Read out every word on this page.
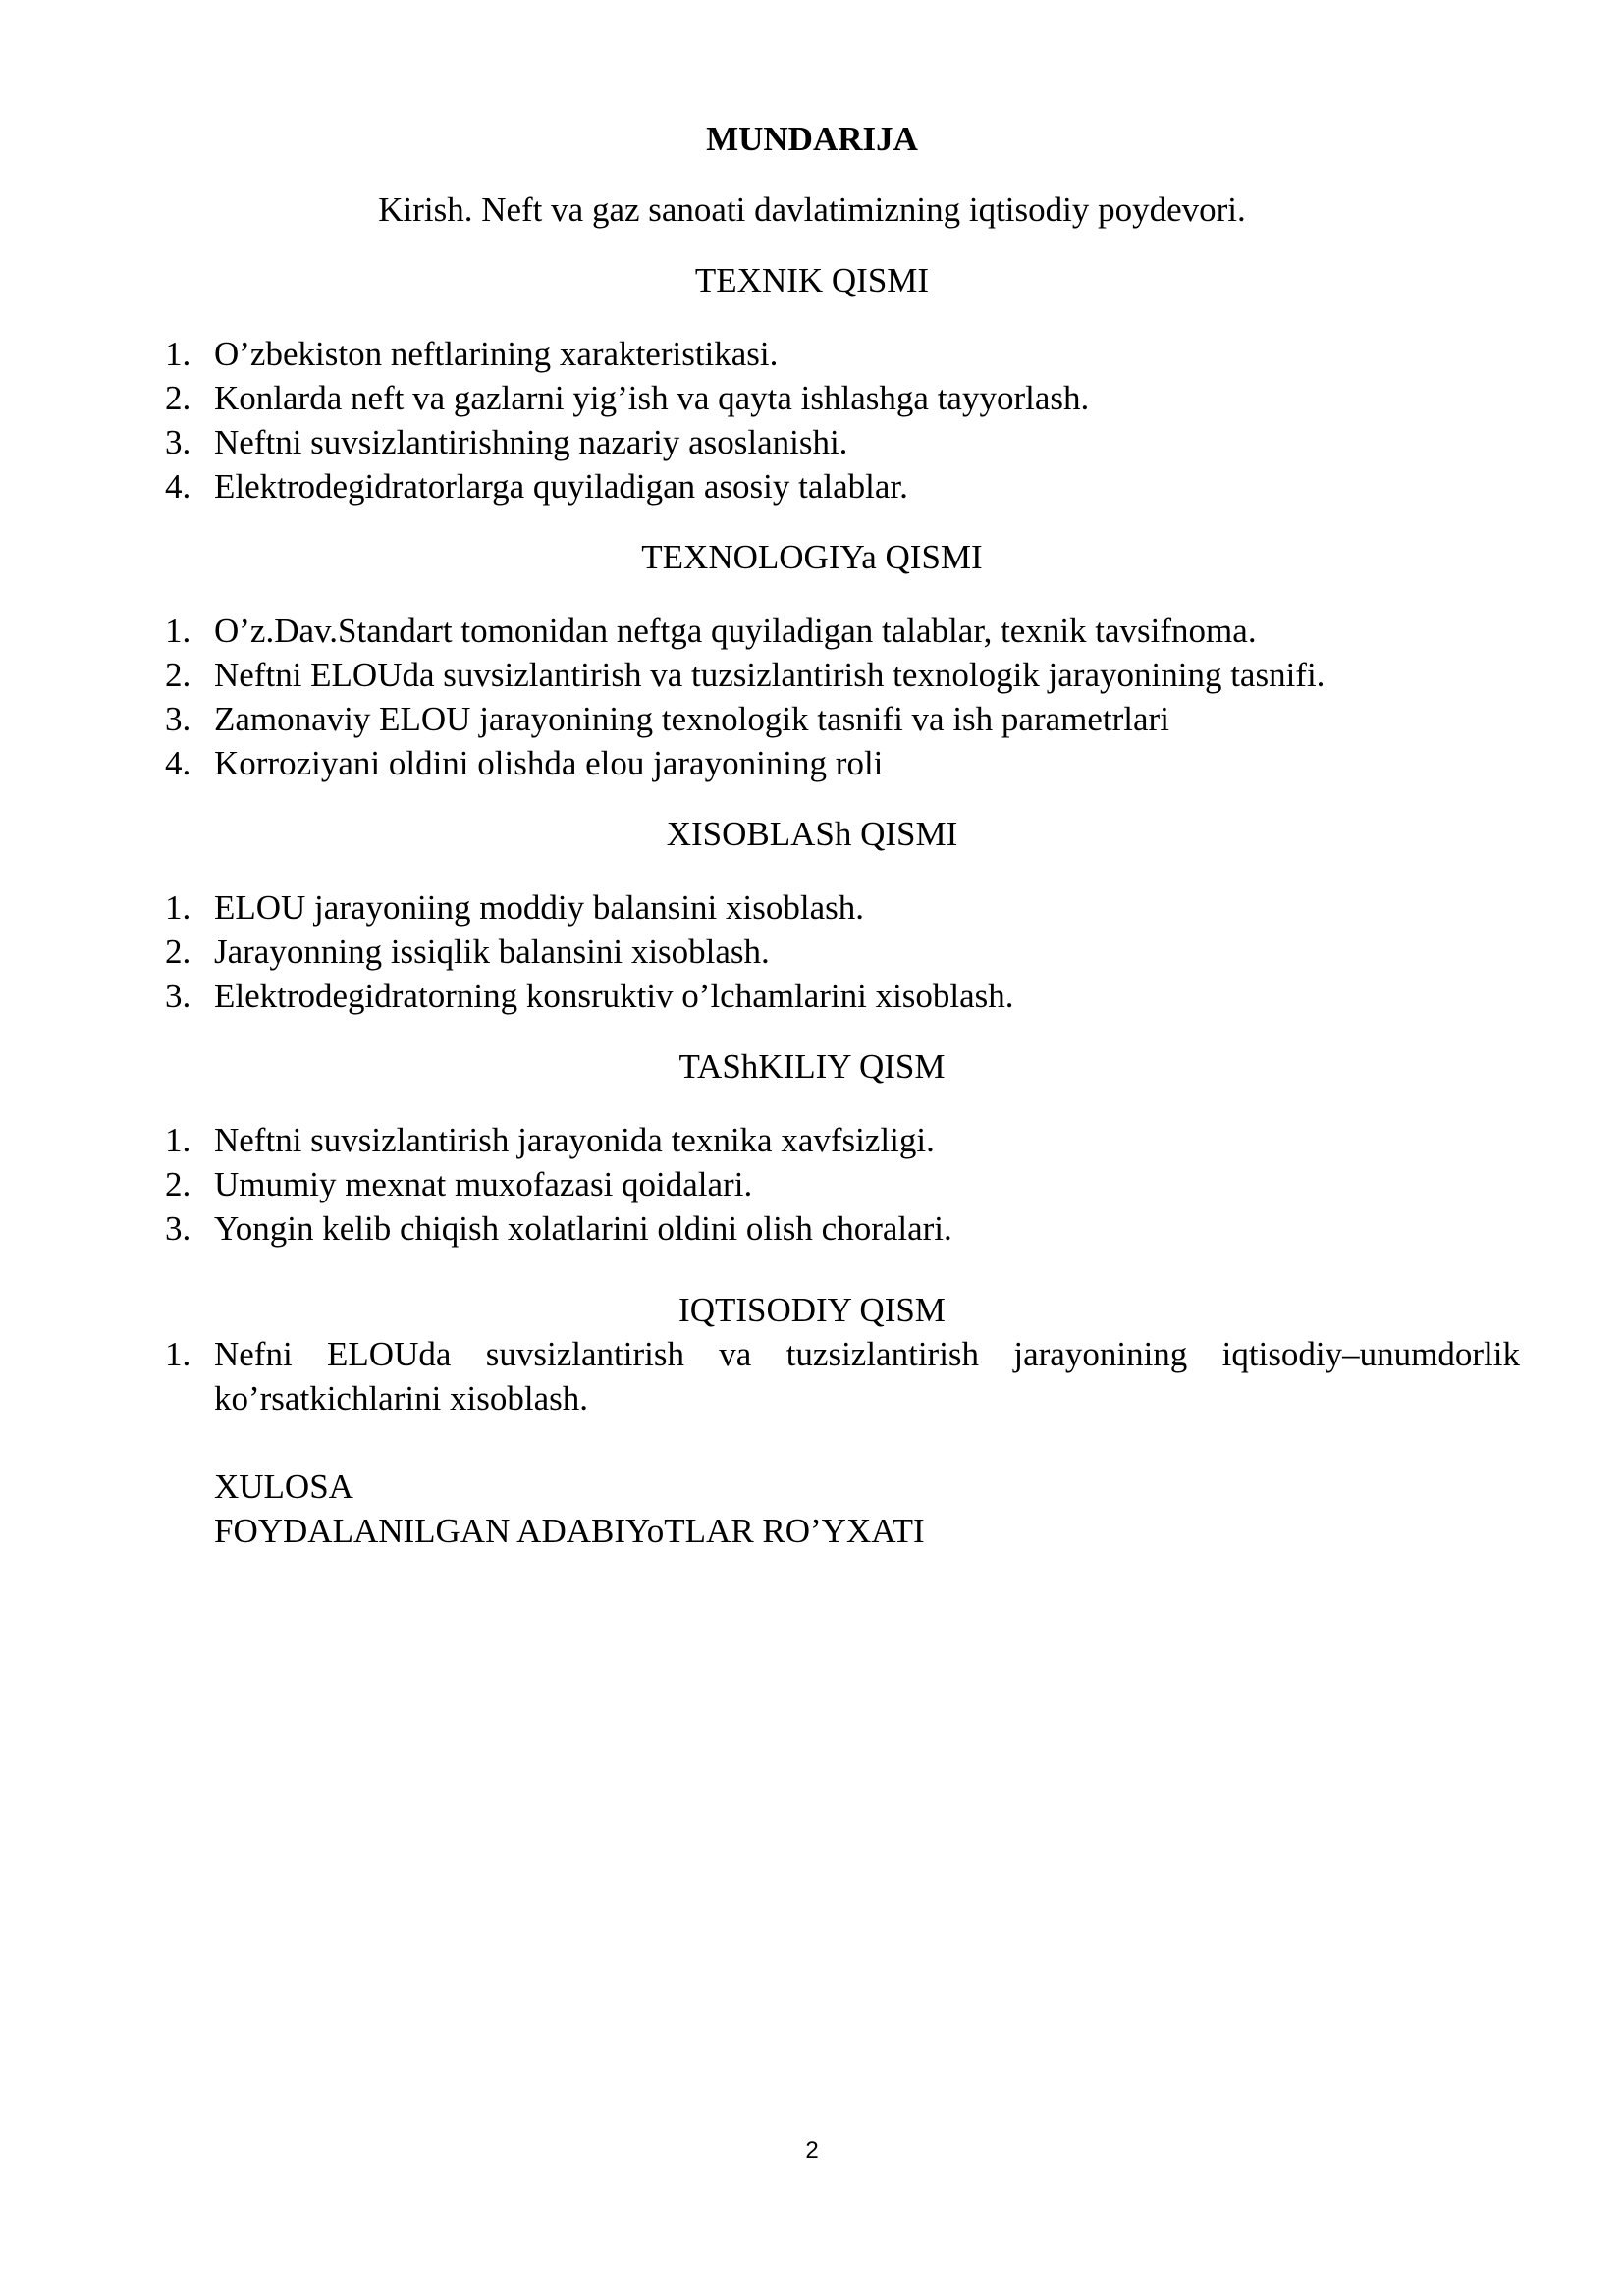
MUNDARIJA
Kirish. Neft va gaz sanoati davlatimizning iqtisodiy poydevori.
TEXNIK QISMI
1. O’zbekiston neftlarining xarakteristikasi.
2. Konlarda neft va gazlarni yig’ish va qayta ishlashga tayyorlash.
3. Neftni suvsizlantirishning nazariy asoslanishi.
4. Elektrodegidratorlarga quyiladigan asosiy talablar.
TEXNOLOGIYa QISMI
1. O’z.Dav.Standart tomonidan neftga quyiladigan talablar, texnik tavsifnoma.
2. Neftni ELOUda suvsizlantirish va tuzsizlantirish texnologik jarayonining tasnifi.
3. Zamonaviy ELOU jarayonining texnologik tasnifi va ish parametrlari
4. Korroziyani oldini olishda elou jarayonining roli
XISOBLASh QISMI
1. ELOU jarayoniing moddiy balansini xisoblash.
2. Jarayonning issiqlik balansini xisoblash.
3. Elektrodegidratorning konsruktiv o’lchamlarini xisoblash.
TAShKILIY QISM
1. Neftni suvsizlantirish jarayonida texnika xavfsizligi.
2. Umumiy mexnat muxofazasi qoidalari.
3. Yongin kelib chiqish xolatlarini oldini olish choralari.
IQTISODIY QISM
1. Nefni ELOUda suvsizlantirish va tuzsizlantirish jarayonining iqtisodiy–unumdorlik ko’rsatkichlarini xisoblash.
XULOSA
FOYDALANILGAN ADABIYoTLAR RO’YXATI
2
